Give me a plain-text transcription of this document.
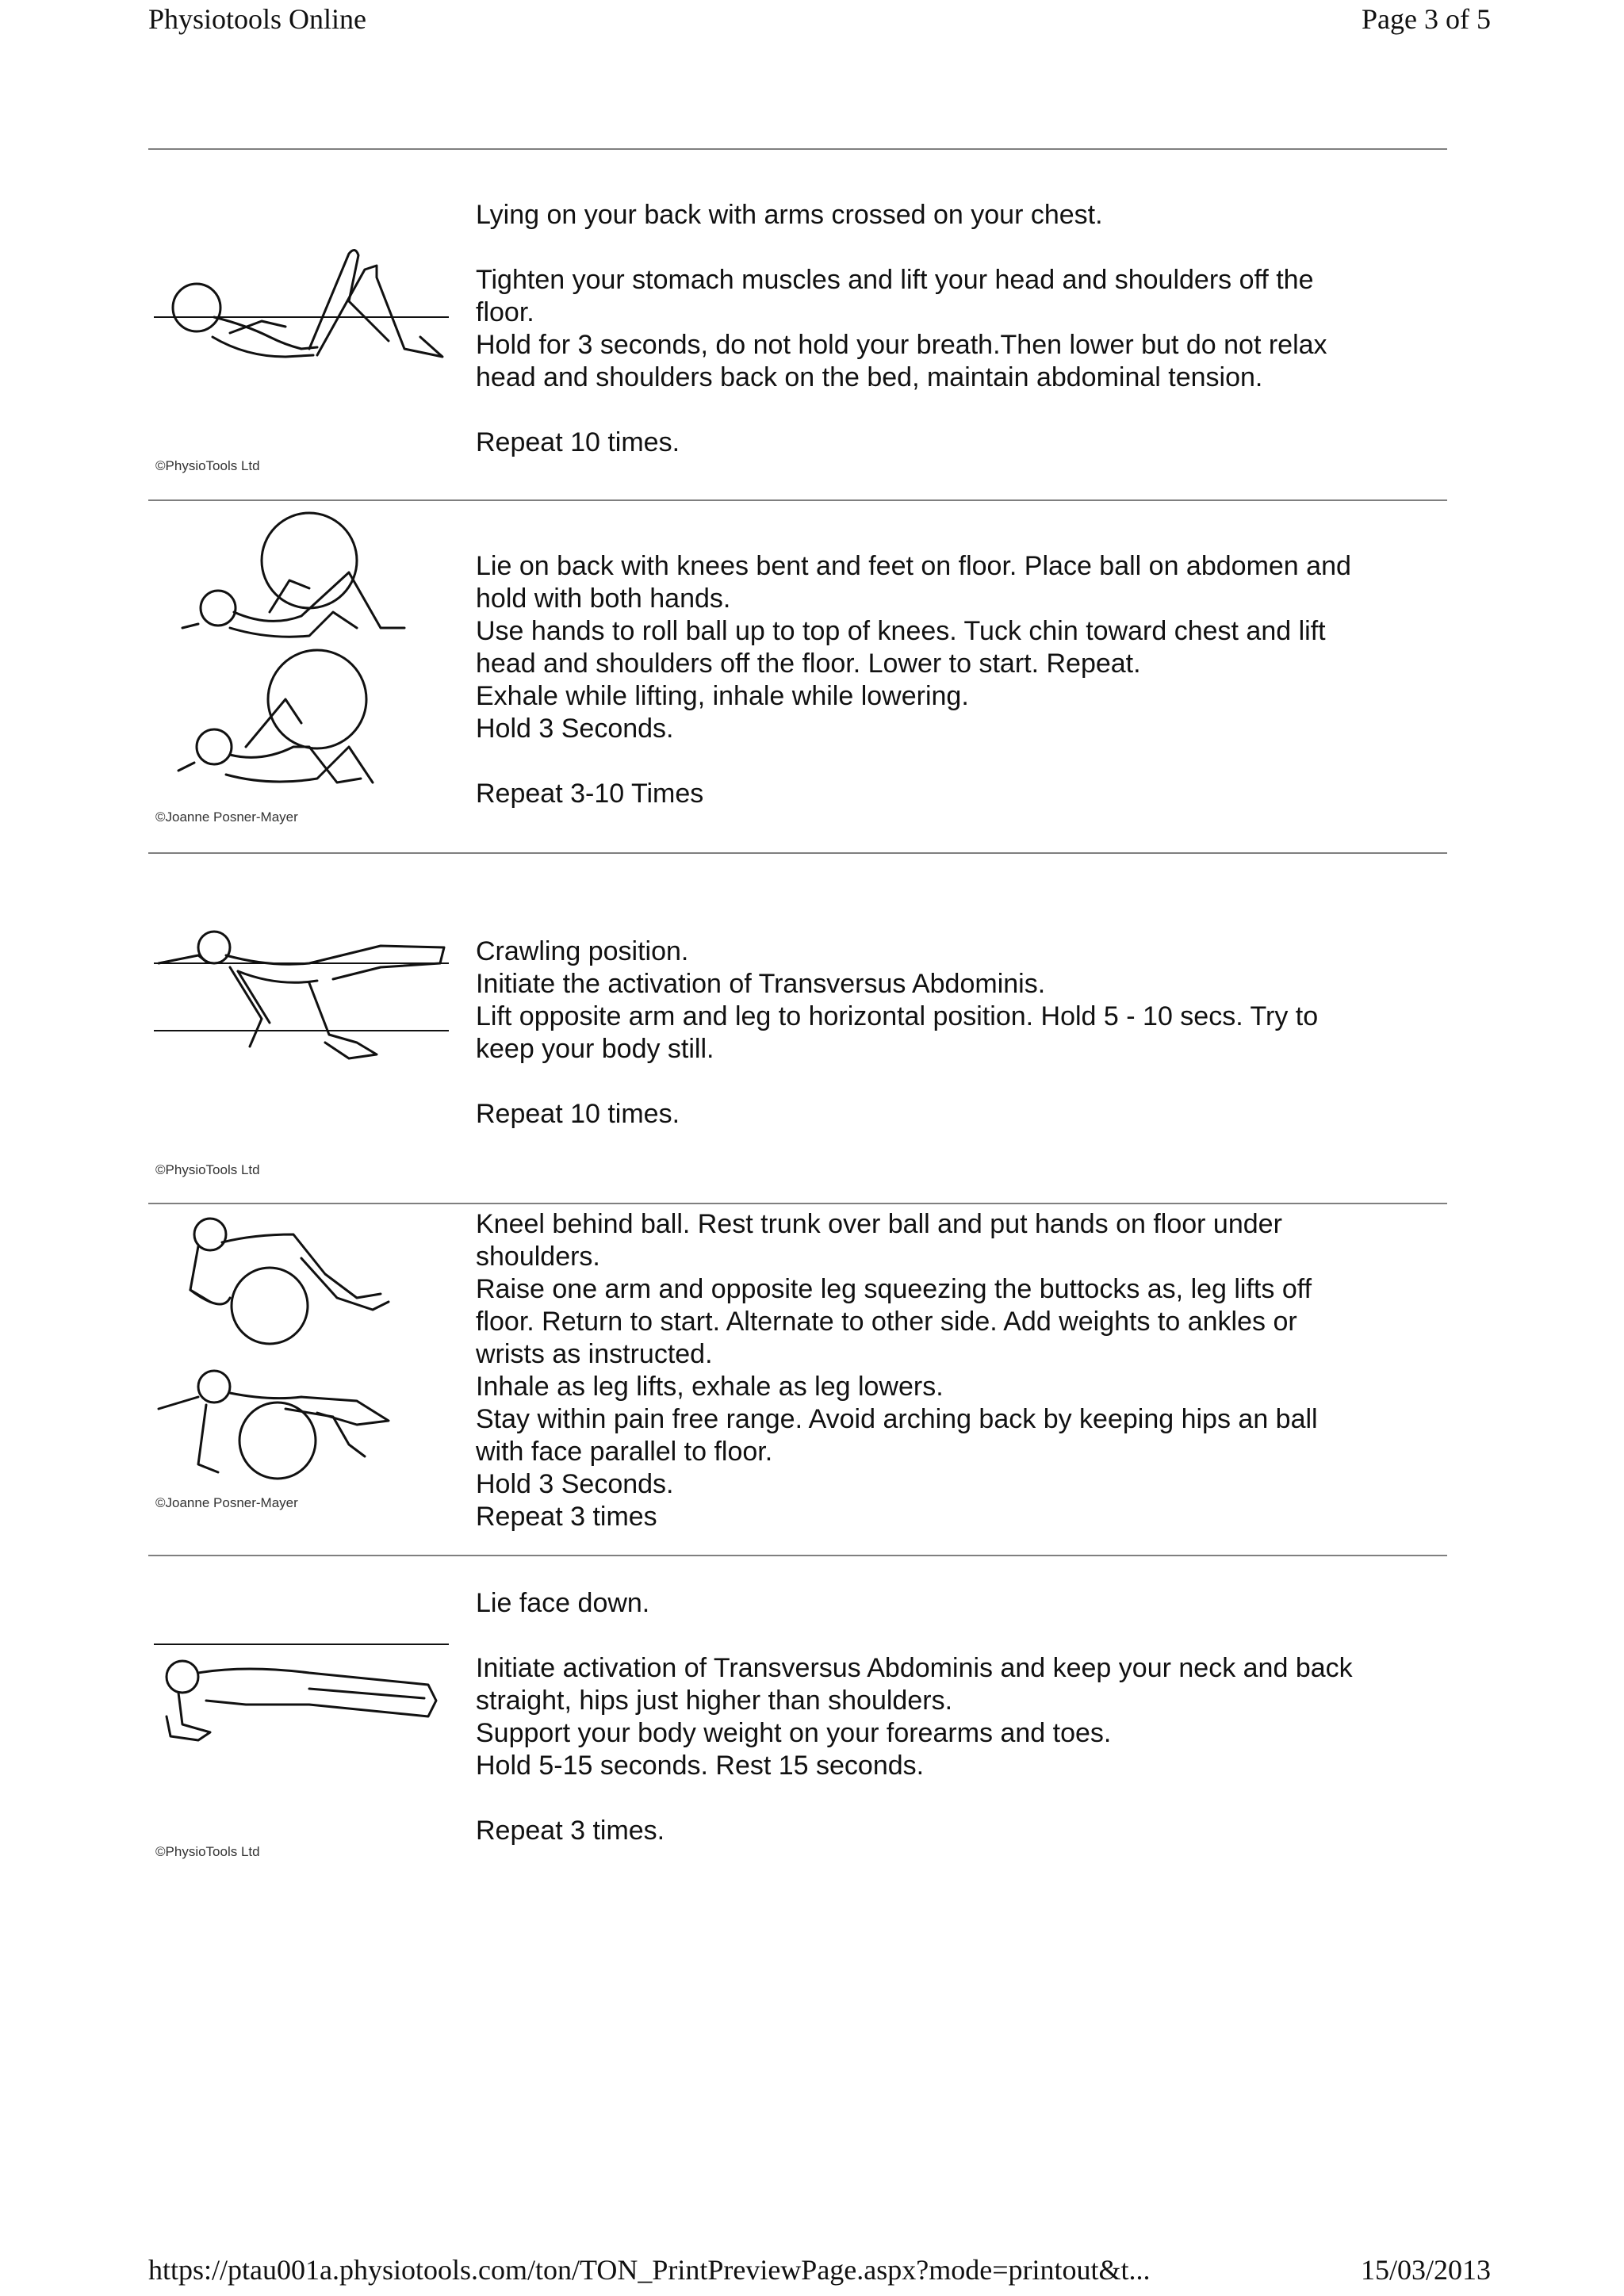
Physiotools Online	Page 3 of 5
©PhysioTools Ltd
Lying on your back with arms crossed on your chest.
Tighten your stomach muscles and lift your head and shoulders off the
floor.
Hold for 3 seconds, do not hold your breath.Then lower but do not relax
head and shoulders back on the bed, maintain abdominal tension.
Repeat 10 times.
©Joanne Posner-Mayer
Lie on back with knees bent and feet on floor. Place ball on abdomen and
hold with both hands.
Use hands to roll ball up to top of knees. Tuck chin toward chest and lift
head and shoulders off the floor. Lower to start. Repeat.
Exhale while lifting, inhale while lowering.
Hold 3 Seconds.
Repeat 3-10 Times
©PhysioTools Ltd
Crawling position.
Initiate the activation of Transversus Abdominis.
Lift opposite arm and leg to horizontal position. Hold 5 - 10 secs. Try to
keep your body still.
Repeat 10 times.
©Joanne Posner-Mayer
Kneel behind ball. Rest trunk over ball and put hands on floor under
shoulders.
Raise one arm and opposite leg squeezing the buttocks as, leg lifts off
floor. Return to start. Alternate to other side. Add weights to ankles or
wrists as instructed.
Inhale as leg lifts, exhale as leg lowers.
Stay within pain free range. Avoid arching back by keeping hips an ball
with face parallel to floor.
Hold 3 Seconds.
Repeat 3 times
©PhysioTools Ltd
Lie face down.
Initiate activation of Transversus Abdominis and keep your neck and back
straight, hips just higher than shoulders.
Support your body weight on your forearms and toes.
Hold 5-15 seconds. Rest 15 seconds.
Repeat 3 times.
https://ptau001a.physiotools.com/ton/TON_PrintPreviewPage.aspx?mode=printout&t...	15/03/2013
